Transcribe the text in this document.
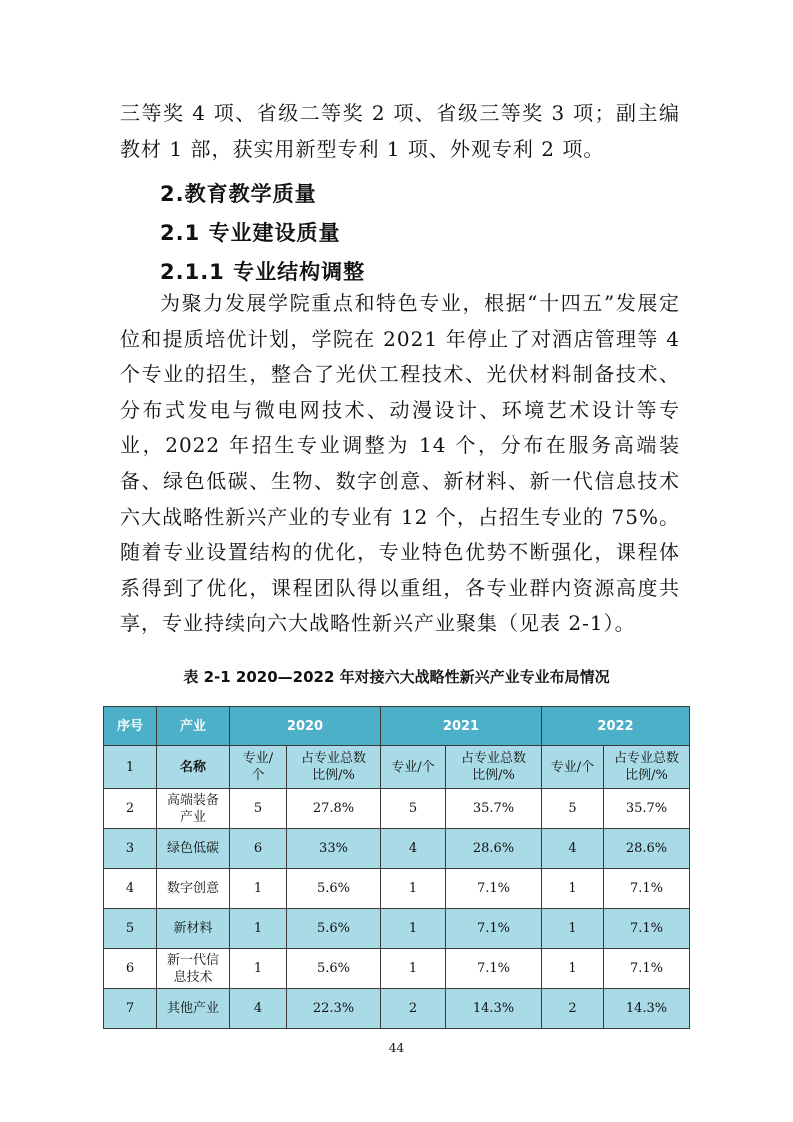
三等奖 4 项、省级二等奖 2 项、省级三等奖 3 项；副主编教材 1 部，获实用新型专利 1 项、外观专利 2 项。

2.教育教学质量
2.1 专业建设质量
2.1.1 专业结构调整

为聚力发展学院重点和特色专业，根据“十四五”发展定位和提质培优计划，学院在 2021 年停止了对酒店管理等 4 个专业的招生，整合了光伏工程技术、光伏材料制备技术、分布式发电与微电网技术、动漫设计、环境艺术设计等专业，2022 年招生专业调整为 14 个，分布在服务高端装备、绿色低碳、生物、数字创意、新材料、新一代信息技术六大战略性新兴产业的专业有 12 个，占招生专业的 75%。随着专业设置结构的优化，专业特色优势不断强化，课程体系得到了优化，课程团队得以重组，各专业群内资源高度共享，专业持续向六大战略性新兴产业聚集（见表 2-1）。

表 2-1 2020—2022 年对接六大战略性新兴产业专业布局情况

序号	产业	2020		2021		2022	
1	名称	专业/
个	占专业总数
比例/%	专业/个	占专业总数
比例/%	专业/个	占专业总数
比例/%
2	高端装备
产业	5	27.8%	5	35.7%	5	35.7%
3	绿色低碳	6	33%	4	28.6%	4	28.6%
4	数字创意	1	5.6%	1	7.1%	1	7.1%
5	新材料	1	5.6%	1	7.1%	1	7.1%
6	新一代信
息技术	1	5.6%	1	7.1%	1	7.1%
7	其他产业	4	22.3%	2	14.3%	2	14.3%

44
